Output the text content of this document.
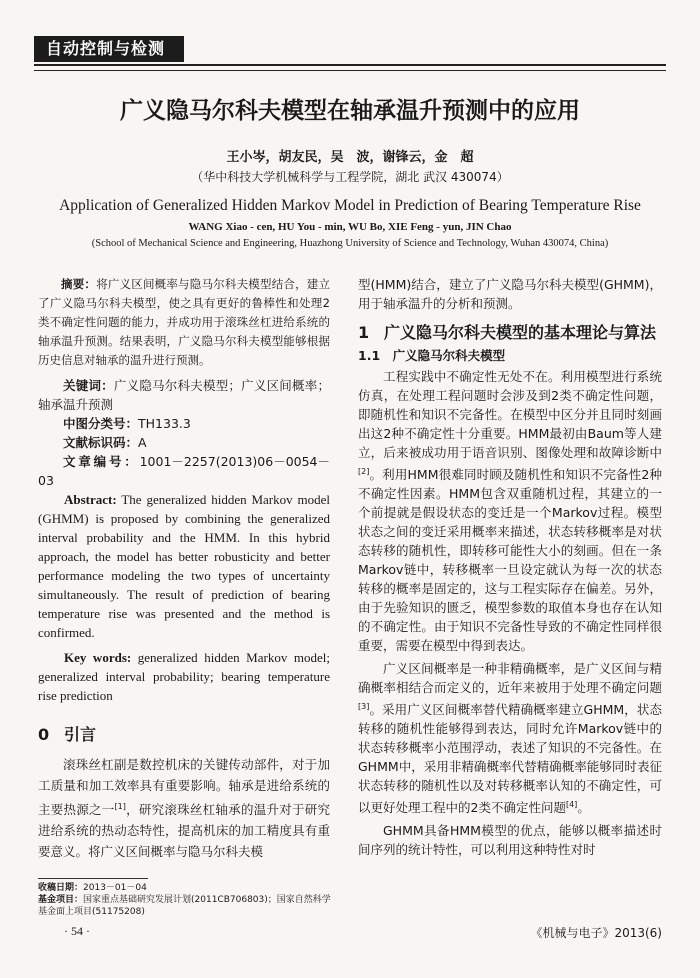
自动控制与检测
广义隐马尔科夫模型在轴承温升预测中的应用
王小岑，胡友民，吴　波，谢锋云，金　超
（华中科技大学机械科学与工程学院，湖北 武汉 430074）
Application of Generalized Hidden Markov Model in Prediction of Bearing Temperature Rise
WANG Xiao - cen, HU You - min, WU Bo, XIE Feng - yun, JIN Chao
(School of Mechanical Science and Engineering, Huazhong University of Science and Technology, Wuhan 430074, China)

摘要：将广义区间概率与隐马尔科夫模型结合，建立了广义隐马尔科夫模型，使之具有更好的鲁棒性和处理2类不确定性问题的能力，并成功用于滚珠丝杠进给系统的轴承温升预测。结果表明，广义隐马尔科夫模型能够根据历史信息对轴承的温升进行预测。

关键词：广义隐马尔科夫模型；广义区间概率；轴承温升预测

中图分类号：TH133.3

文献标识码：A

文章编号：1001－2257(2013)06－0054－03

Abstract: The generalized hidden Markov model (GHMM) is proposed by combining the generalized interval probability and the HMM. In this hybrid approach, the model has better robusticity and better performance modeling the two types of uncertainty simultaneously. The result of prediction of bearing temperature rise was presented and the method is confirmed.

Key words: generalized hidden Markov model; generalized interval probability; bearing temperature rise prediction

0 引言

滚珠丝杠副是数控机床的关键传动部件，对于加工质量和加工效率具有重要影响。轴承是进给系统的主要热源之一[1]，研究滚珠丝杠轴承的温升对于研究进给系统的热动态特性，提高机床的加工精度具有重要意义。将广义区间概率与隐马尔科夫模

型(HMM)结合，建立了广义隐马尔科夫模型(GHMM)，用于轴承温升的分析和预测。

1 广义隐马尔科夫模型的基本理论与算法
1.1　广义隐马尔科夫模型

工程实践中不确定性无处不在。利用模型进行系统仿真，在处理工程问题时会涉及到2类不确定性问题，即随机性和知识不完备性。在模型中区分并且同时刻画出这2种不确定性十分重要。HMM最初由Baum等人建立，后来被成功用于语音识别、图像处理和故障诊断中[2]。利用HMM很难同时顾及随机性和知识不完备性2种不确定性因素。HMM包含双重随机过程，其建立的一个前提就是假设状态的变迁是一个Markov过程。模型状态之间的变迁采用概率来描述，状态转移概率是对状态转移的随机性，即转移可能性大小的刻画。但在一条Markov链中，转移概率一旦设定就认为每一次的状态转移的概率是固定的，这与工程实际存在偏差。另外，由于先验知识的匮乏，模型参数的取值本身也存在认知的不确定性。由于知识不完备性导致的不确定性同样很重要，需要在模型中得到表达。

广义区间概率是一种非精确概率，是广义区间与精确概率相结合而定义的，近年来被用于处理不确定问题[3]。采用广义区间概率替代精确概率建立GHMM，状态转移的随机性能够得到表达，同时允许Markov链中的状态转移概率小范围浮动，表述了知识的不完备性。在GHMM中，采用非精确概率代替精确概率能够同时表征状态转移的随机性以及对转移概率认知的不确定性，可以更好处理工程中的2类不确定性问题[4]。

GHMM具备HMM模型的优点，能够以概率描述时间序列的统计特性，可以利用这种特性对时

收稿日期：2013－01－04
基金项目：国家重点基础研究发展计划(2011CB706803)；国家自然科学基金面上项目(51175208)
· 54 ·	《机械与电子》2013(6)
